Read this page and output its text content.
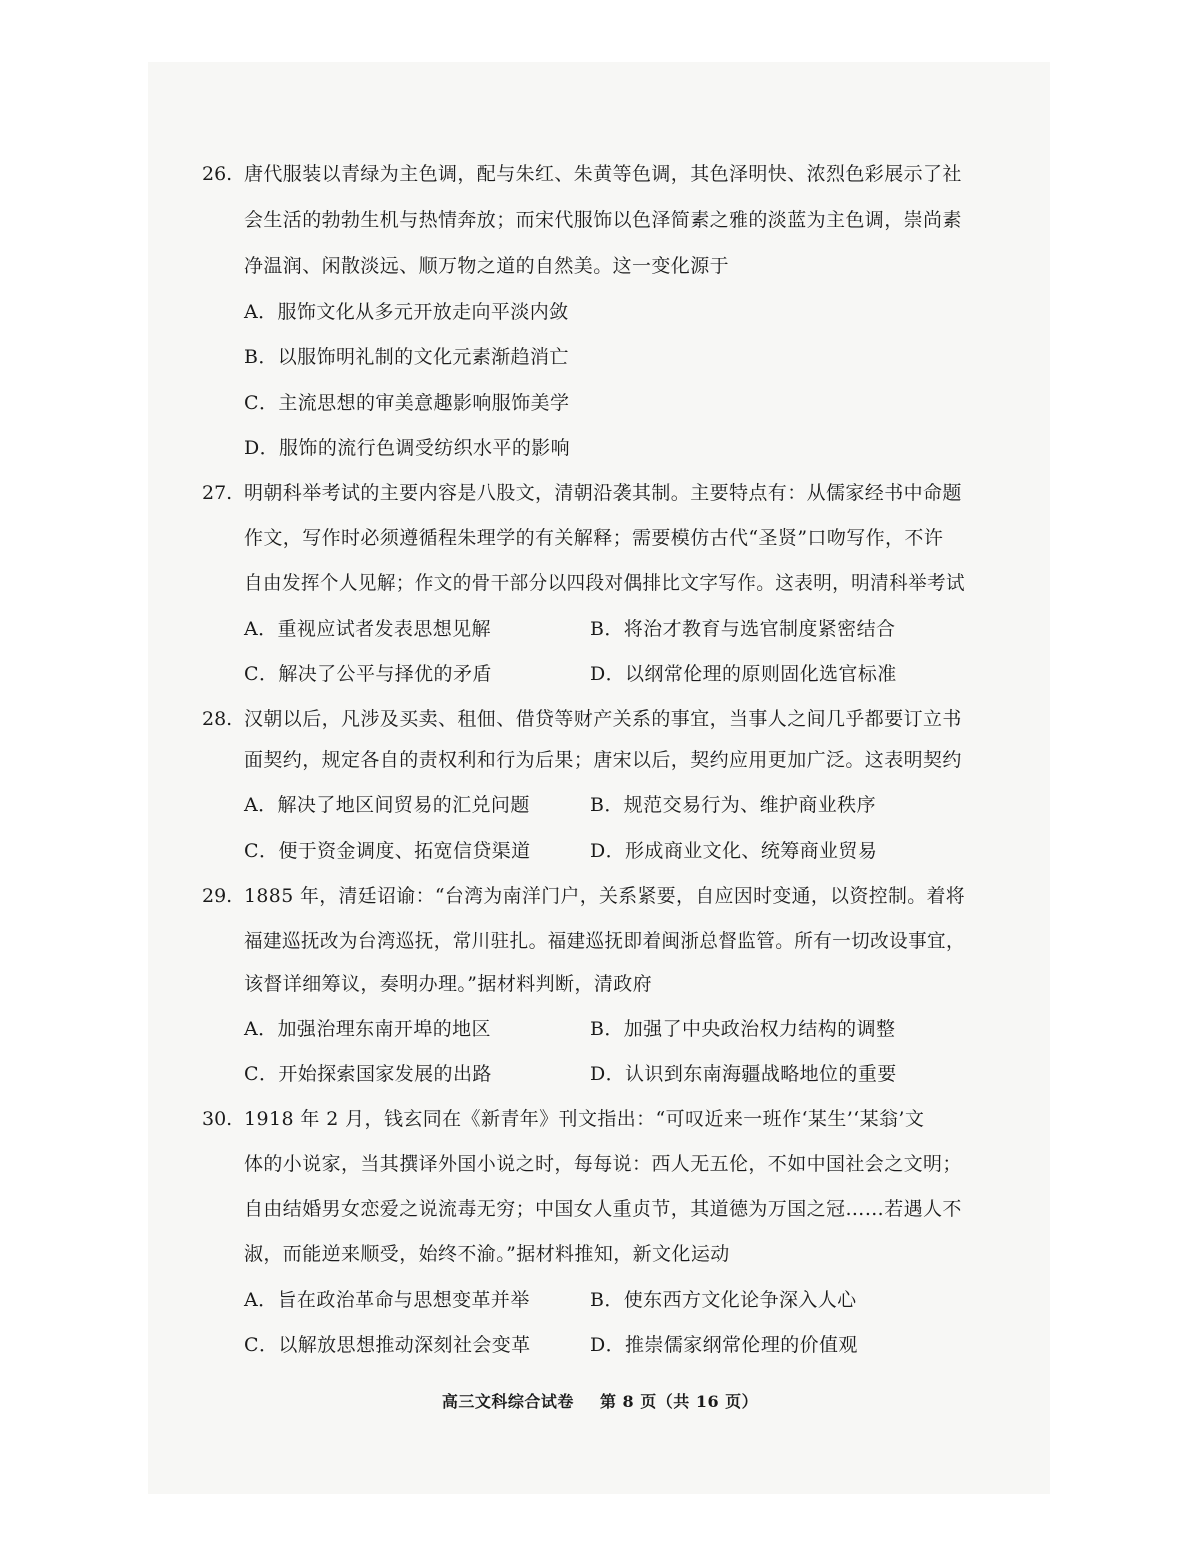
26. 唐代服装以青绿为主色调，配与朱红、朱黄等色调，其色泽明快、浓烈色彩展示了社
会生活的勃勃生机与热情奔放；而宋代服饰以色泽简素之雅的淡蓝为主色调，崇尚素
净温润、闲散淡远、顺万物之道的自然美。这一变化源于
A．服饰文化从多元开放走向平淡内敛
B．以服饰明礼制的文化元素渐趋消亡
C．主流思想的审美意趣影响服饰美学
D．服饰的流行色调受纺织水平的影响
27. 明朝科举考试的主要内容是八股文，清朝沿袭其制。主要特点有：从儒家经书中命题
作文，写作时必须遵循程朱理学的有关解释；需要模仿古代“圣贤”口吻写作，不许
自由发挥个人见解；作文的骨干部分以四段对偶排比文字写作。这表明，明清科举考试
A．重视应试者发表思想见解	B．将治才教育与选官制度紧密结合
C．解决了公平与择优的矛盾	D．以纲常伦理的原则固化选官标准
28. 汉朝以后，凡涉及买卖、租佃、借贷等财产关系的事宜，当事人之间几乎都要订立书
面契约，规定各自的责权利和行为后果；唐宋以后，契约应用更加广泛。这表明契约
A．解决了地区间贸易的汇兑问题	B．规范交易行为、维护商业秩序
C．便于资金调度、拓宽信贷渠道	D．形成商业文化、统筹商业贸易
29. 1885 年，清廷诏谕：“台湾为南洋门户，关系紧要，自应因时变通，以资控制。着将
福建巡抚改为台湾巡抚，常川驻扎。福建巡抚即着闽浙总督监管。所有一切改设事宜，
该督详细筹议，奏明办理。”据材料判断，清政府
A．加强治理东南开埠的地区	B．加强了中央政治权力结构的调整
C．开始探索国家发展的出路	D．认识到东南海疆战略地位的重要
30. 1918 年 2 月，钱玄同在《新青年》刊文指出：“可叹近来一班作‘某生’‘某翁’文
体的小说家，当其撰译外国小说之时，每每说：西人无五伦，不如中国社会之文明；
自由结婚男女恋爱之说流毒无穷；中国女人重贞节，其道德为万国之冠……若遇人不
淑，而能逆来顺受，始终不渝。”据材料推知，新文化运动
A．旨在政治革命与思想变革并举	B．使东西方文化论争深入人心
C．以解放思想推动深刻社会变革	D．推崇儒家纲常伦理的价值观
高三文科综合试卷 第 8 页（共 16 页）
